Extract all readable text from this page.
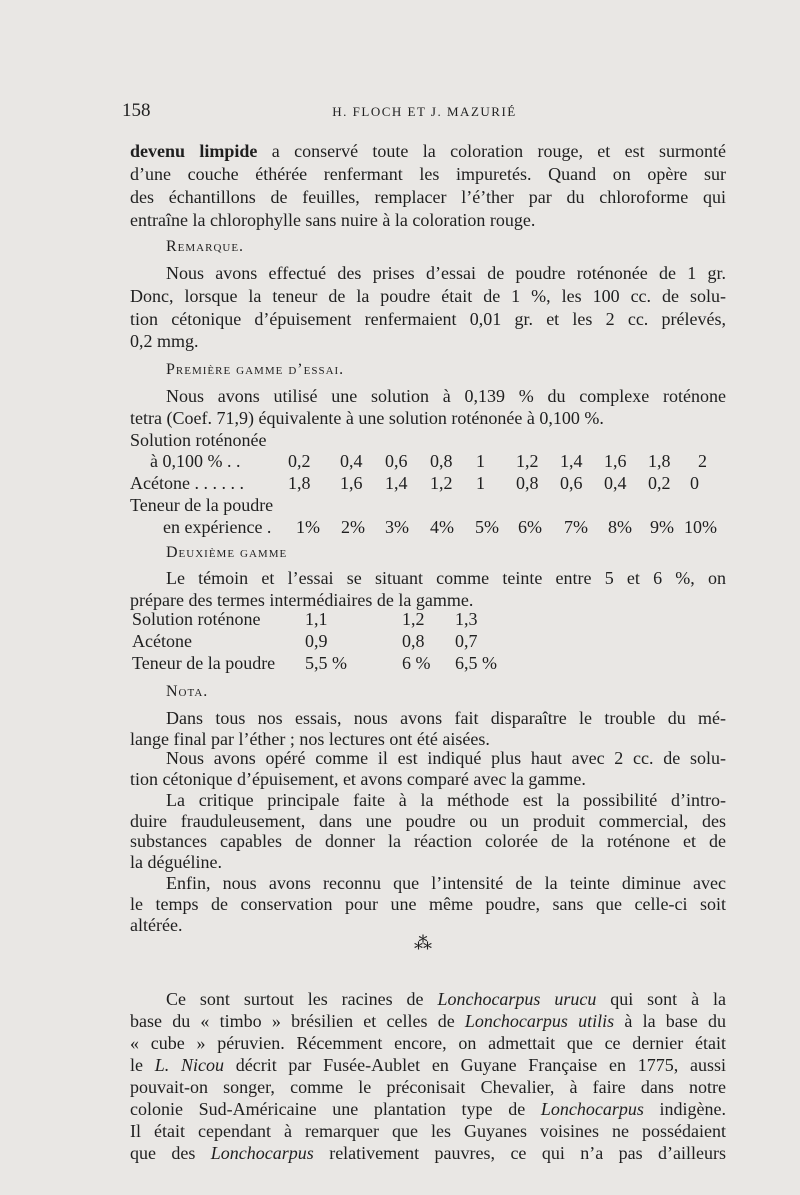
158	H. FLOCH ET J. MAZURIÉ
devenu limpide a conservé toute la coloration rouge, et est surmonté
d’une couche éthérée renfermant les impuretés. Quand on opère sur
des échantillons de feuilles, remplacer l’é’ther par du chloroforme qui
entraîne la chlorophylle sans nuire à la coloration rouge.
Remarque.
Nous avons effectué des prises d’essai de poudre roténonée de 1 gr.
Donc, lorsque la teneur de la poudre était de 1 %, les 100 cc. de solu-
tion cétonique d’épuisement renfermaient 0,01 gr. et les 2 cc. prélevés,
0,2 mmg.
Première gamme d’essai.
Nous avons utilisé une solution à 0,139 % du complexe roténone
tetra (Coef. 71,9) équivalente à une solution roténonée à 0,100 %.
Solution roténonée
à 0,100 % . .	0,2 0,4 0,6 0,8 1 1,2 1,4 1,6 1,8 2
Acétone . . . . . . 1,8 1,6 1,4 1,2 1 0,8 0,6 0,4 0,2 0
Teneur de la poudre
en expérience . 1% 2% 3% 4% 5% 6% 7% 8% 9% 10%
Deuxième gamme
Le témoin et l’essai se situant comme teinte entre 5 et 6 %, on
prépare des termes intermédiaires de la gamme.
Solution roténone 1,1	1,2 1,3
Acétone	0,9	0,8 0,7
Teneur de la poudre 5,5 %	6 % 6,5 %
Nota.
Dans tous nos essais, nous avons fait disparaître le trouble du mé-
lange final par l’éther ; nos lectures ont été aisées.
Nous avons opéré comme il est indiqué plus haut avec 2 cc. de solu-
tion cétonique d’épuisement, et avons comparé avec la gamme.
La critique principale faite à la méthode est la possibilité d’intro-
duire frauduleusement, dans une poudre ou un produit commercial, des
substances capables de donner la réaction colorée de la roténone et de
la déguéline.
Enfin, nous avons reconnu que l’intensité de la teinte diminue avec
le temps de conservation pour une même poudre, sans que celle-ci soit
altérée.
⁂
Ce sont surtout les racines de Lonchocarpus urucu qui sont à la
base du « timbo » brésilien et celles de Lonchocarpus utilis à la base du
« cube » péruvien. Récemment encore, on admettait que ce dernier était
le L. Nicou décrit par Fusée-Aublet en Guyane Française en 1775, aussi
pouvait-on songer, comme le préconisait Chevalier, à faire dans notre
colonie Sud-Américaine une plantation type de Lonchocarpus indigène.
Il était cependant à remarquer que les Guyanes voisines ne possédaient
que des Lonchocarpus relativement pauvres, ce qui n’a pas d’ailleurs
